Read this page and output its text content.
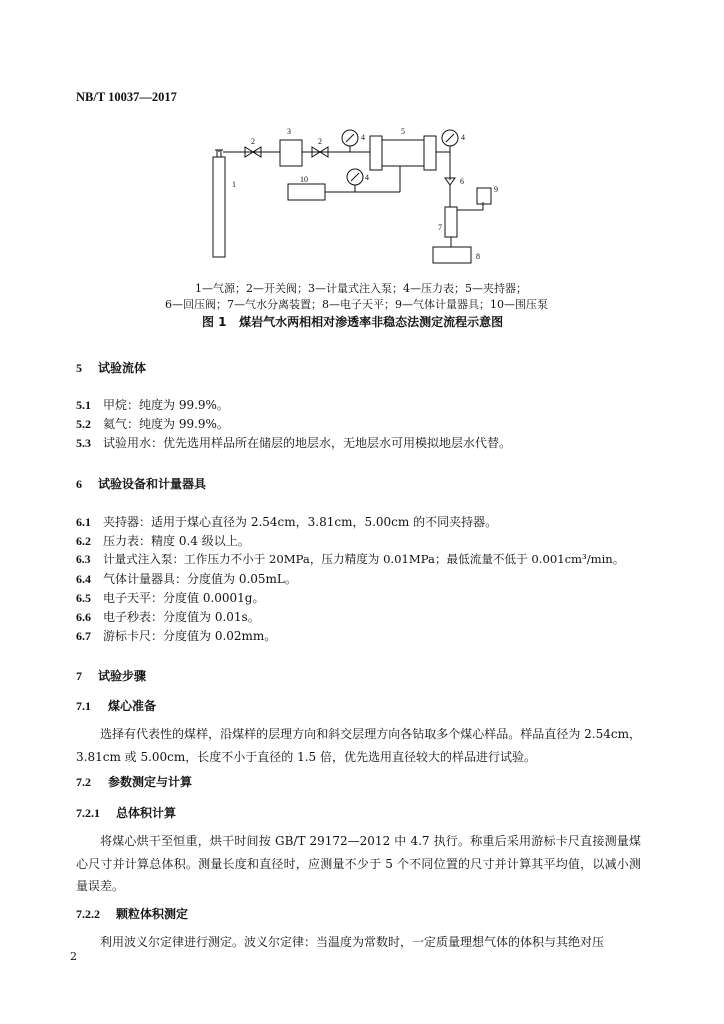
NB/T 10037—2017
1
2
3
2	4
5
4
10	4	6
9
7
8
1—气源；2—开关阀；3—计量式注入泵；4—压力表；5—夹持器；
6—回压阀；7—气水分离装置；8—电子天平；9—气体计量器具；10—围压泵
图 1 煤岩气水两相相对渗透率非稳态法测定流程示意图
5 试验流体
5.1 甲烷：纯度为 99.9%。
5.2 氦气：纯度为 99.9%。
5.3 试验用水：优先选用样品所在储层的地层水，无地层水可用模拟地层水代替。
6 试验设备和计量器具
6.1 夹持器：适用于煤心直径为 2.54cm，3.81cm，5.00cm 的不同夹持器。
6.2 压力表：精度 0.4 级以上。
6.3 计量式注入泵：工作压力不小于 20MPa，压力精度为 0.01MPa；最低流量不低于 0.001cm³/min。
6.4 气体计量器具：分度值为 0.05mL。
6.5 电子天平：分度值 0.0001g。
6.6 电子秒表：分度值为 0.01s。
6.7 游标卡尺：分度值为 0.02mm。
7 试验步骤
7.1 煤心准备
选择有代表性的煤样，沿煤样的层理方向和斜交层理方向各钻取多个煤心样品。样品直径为 2.54cm，3.81cm 或 5.00cm，长度不小于直径的 1.5 倍，优先选用直径较大的样品进行试验。
7.2 参数测定与计算
7.2.1 总体积计算
将煤心烘干至恒重，烘干时间按 GB/T 29172—2012 中 4.7 执行。称重后采用游标卡尺直接测量煤心尺寸并计算总体积。测量长度和直径时，应测量不少于 5 个不同位置的尺寸并计算其平均值，以减小测量误差。
7.2.2 颗粒体积测定
利用波义尔定律进行测定。波义尔定律：当温度为常数时，一定质量理想气体的体积与其绝对压
2
